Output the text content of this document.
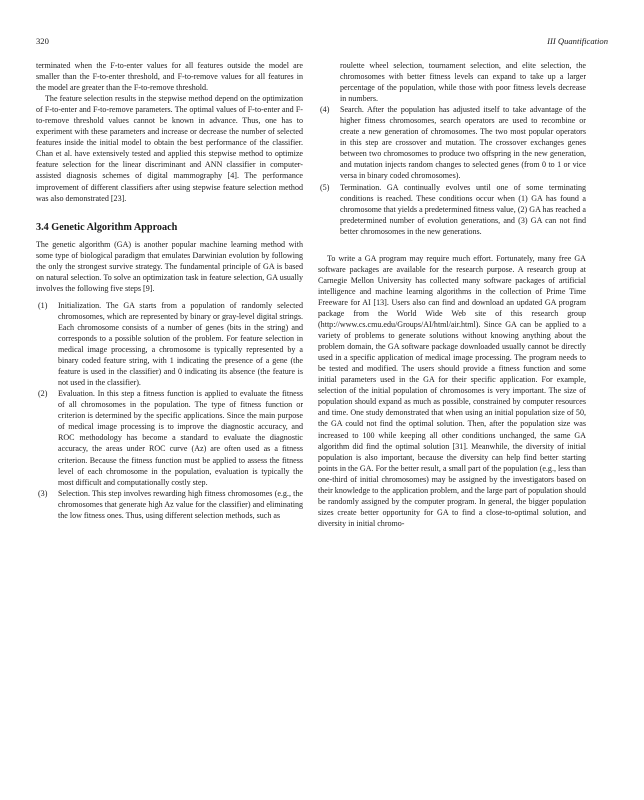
320	III Quantification

terminated when the F-to-enter values for all features outside the model are smaller than the F-to-enter threshold, and F-to-remove values for all features in the model are greater than the F-to-remove threshold.

The feature selection results in the stepwise method depend on the optimization of F-to-enter and F-to-remove parameters. The optimal values of F-to-enter and F-to-remove threshold values cannot be known in advance. Thus, one has to experiment with these parameters and increase or decrease the number of selected features inside the initial model to obtain the best performance of the classifier. Chan et al. have extensively tested and applied this stepwise method to optimize feature selection for the linear discriminant and ANN classifier in computer-assisted diagnosis schemes of digital mammography [4]. The performance improvement of different classifiers after using stepwise feature selection method was also demonstrated [23].

3.4 Genetic Algorithm Approach

The genetic algorithm (GA) is another popular machine learning method with some type of biological paradigm that emulates Darwinian evolution by following the only the strongest survive strategy. The fundamental principle of GA is based on natural selection. To solve an optimization task in feature selection, GA usually involves the following five steps [9].

(1) Initialization. The GA starts from a population of randomly selected chromosomes, which are represented by binary or gray-level digital strings. Each chromosome consists of a number of genes (bits in the string) and corresponds to a possible solution of the problem. For feature selection in medical image processing, a chromosome is typically represented by a binary coded feature string, with 1 indicating the presence of a gene (the feature is used in the classifier) and 0 indicating its absence (the feature is not used in the classifier).
(2) Evaluation. In this step a fitness function is applied to evaluate the fitness of all chromosomes in the population. The type of fitness function or criterion is determined by the specific applications. Since the main purpose of medical image processing is to improve the diagnostic accuracy, and ROC methodology has become a standard to evaluate the diagnostic accuracy, the areas under ROC curve (Az) are often used as a fitness criterion. Because the fitness function must be applied to assess the fitness level of each chromosome in the population, evaluation is typically the most difficult and computationally costly step.
(3) Selection. This step involves rewarding high fitness chromosomes (e.g., the chromosomes that generate high Az value for the classifier) and eliminating the low fitness ones. Thus, using different selection methods, such as
roulette wheel selection, tournament selection, and elite selection, the chromosomes with better fitness levels can expand to take up a larger percentage of the population, while those with poor fitness levels decrease in numbers.
(4) Search. After the population has adjusted itself to take advantage of the higher fitness chromosomes, search operators are used to recombine or create a new generation of chromosomes. The two most popular operators in this step are crossover and mutation. The crossover exchanges genes between two chromosomes to produce two offspring in the new generation, and mutation injects random changes to selected genes (from 0 to 1 or vice versa in binary coded chromosomes).
(5) Termination. GA continually evolves until one of some terminating conditions is reached. These conditions occur when (1) GA has found a chromosome that yields a predetermined fitness value, (2) GA has reached a predetermined number of evolution generations, and (3) GA can not find better chromosomes in the new generations.

To write a GA program may require much effort. Fortunately, many free GA software packages are available for the research purpose. A research group at Carnegie Mellon University has collected many software packages of artificial intelligence and machine learning algorithms in the collection of Prime Time Freeware for AI [13]. Users also can find and download an updated GA program package from the World Wide Web site of this research group (http://www.cs.cmu.edu/Groups/AI/html/air.html). Since GA can be applied to a variety of problems to generate solutions without knowing anything about the problem domain, the GA software package downloaded usually cannot be directly used in a specific application of medical image processing. The program needs to be tested and modified. The users should provide a fitness function and some initial parameters used in the GA for their specific application. For example, selection of the initial population of chromosomes is very important. The size of population should expand as much as possible, constrained by computer resources and time. One study demonstrated that when using an initial population size of 50, the GA could not find the optimal solution. Then, after the population size was increased to 100 while keeping all other conditions unchanged, the same GA algorithm did find the optimal solution [31]. Meanwhile, the diversity of initial population is also important, because the diversity can help find better starting points in the GA. For the better result, a small part of the population (e.g., less than one-third of initial chromosomes) may be assigned by the investigators based on their knowledge to the application problem, and the large part of population should be randomly assigned by the computer program. In general, the bigger population sizes create better opportunity for GA to find a close-to-optimal solution, and diversity in initial chromo-
